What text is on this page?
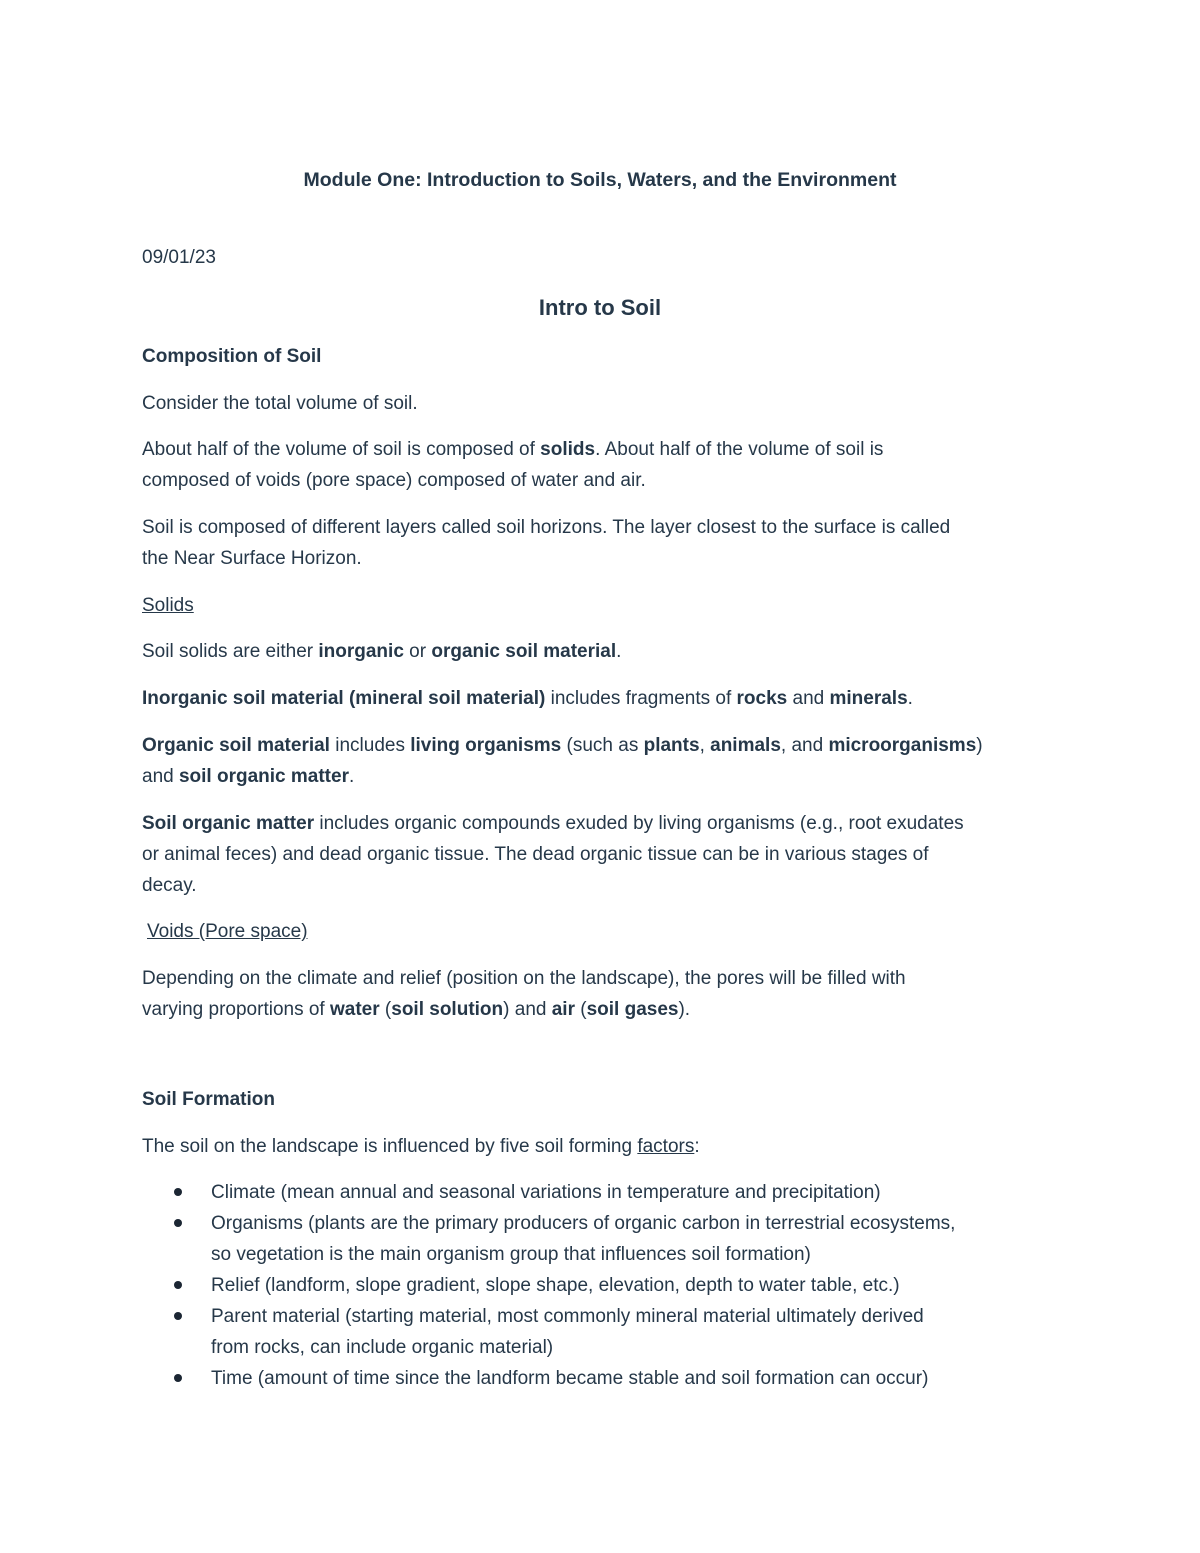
Module One: Introduction to Soils, Waters, and the Environment
09/01/23
Intro to Soil
Composition of Soil
Consider the total volume of soil.
About half of the volume of soil is composed of solids. About half of the volume of soil is
composed of voids (pore space) composed of water and air.
Soil is composed of different layers called soil horizons. The layer closest to the surface is called
the Near Surface Horizon.
Solids
Soil solids are either inorganic or organic soil material.
Inorganic soil material (mineral soil material) includes fragments of rocks and minerals.
Organic soil material includes living organisms (such as plants, animals, and microorganisms)
and soil organic matter.
Soil organic matter includes organic compounds exuded by living organisms (e.g., root exudates
or animal feces) and dead organic tissue. The dead organic tissue can be in various stages of
decay.
Voids (Pore space)
Depending on the climate and relief (position on the landscape), the pores will be filled with
varying proportions of water (soil solution) and air (soil gases).
Soil Formation
The soil on the landscape is influenced by five soil forming factors:
Climate (mean annual and seasonal variations in temperature and precipitation)
Organisms (plants are the primary producers of organic carbon in terrestrial ecosystems,
so vegetation is the main organism group that influences soil formation)
Relief (landform, slope gradient, slope shape, elevation, depth to water table, etc.)
Parent material (starting material, most commonly mineral material ultimately derived
from rocks, can include organic material)
Time (amount of time since the landform became stable and soil formation can occur)
